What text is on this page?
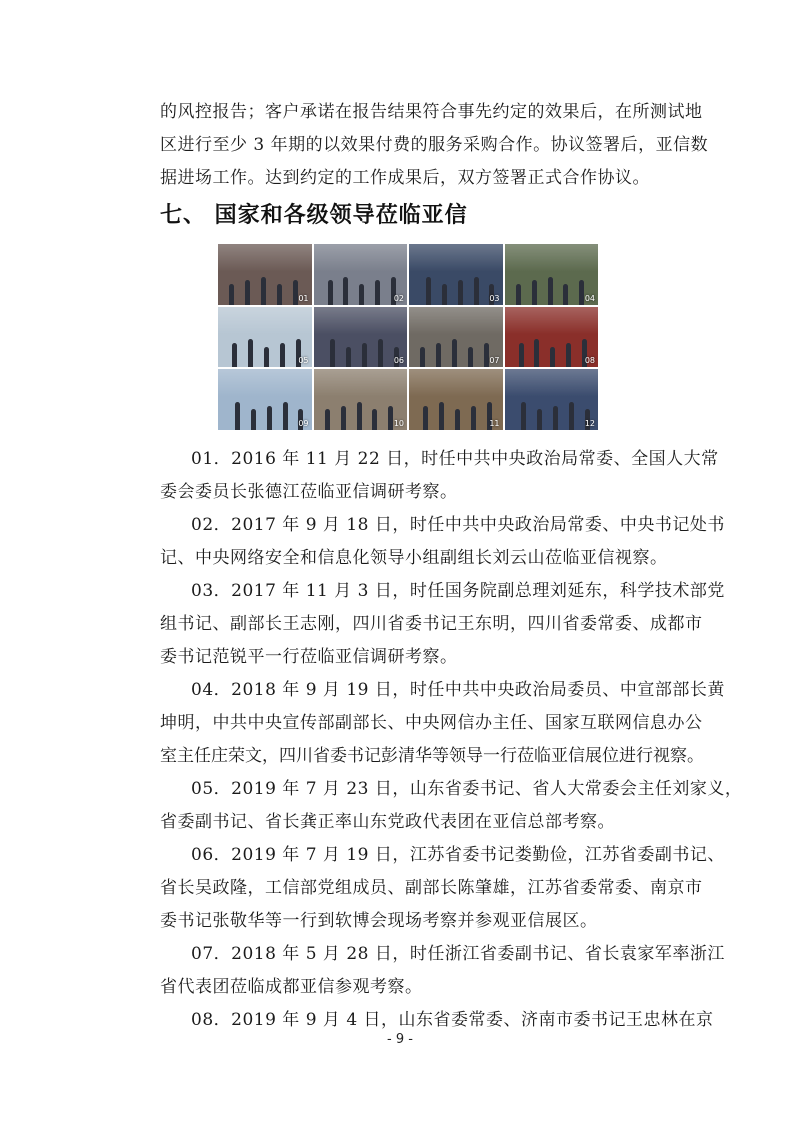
的风控报告；客户承诺在报告结果符合事先约定的效果后，在所测试地
区进行至少 3 年期的以效果付费的服务采购合作。协议签署后，亚信数
据进场工作。达到约定的工作成果后，双方签署正式合作协议。
七、 国家和各级领导莅临亚信
01	02	03	04
05	06	07	08
09	10	11	12
01．2016 年 11 月 22 日，时任中共中央政治局常委、全国人大常
委会委员长张德江莅临亚信调研考察。
02．2017 年 9 月 18 日，时任中共中央政治局常委、中央书记处书
记、中央网络安全和信息化领导小组副组长刘云山莅临亚信视察。
03．2017 年 11 月 3 日，时任国务院副总理刘延东，科学技术部党
组书记、副部长王志刚，四川省委书记王东明，四川省委常委、成都市
委书记范锐平一行莅临亚信调研考察。
04．2018 年 9 月 19 日，时任中共中央政治局委员、中宣部部长黄
坤明，中共中央宣传部副部长、中央网信办主任、国家互联网信息办公
室主任庄荣文，四川省委书记彭清华等领导一行莅临亚信展位进行视察。
05．2019 年 7 月 23 日，山东省委书记、省人大常委会主任刘家义，
省委副书记、省长龚正率山东党政代表团在亚信总部考察。
06．2019 年 7 月 19 日，江苏省委书记娄勤俭，江苏省委副书记、
省长吴政隆，工信部党组成员、副部长陈肇雄，江苏省委常委、南京市
委书记张敬华等一行到软博会现场考察并参观亚信展区。
07．2018 年 5 月 28 日，时任浙江省委副书记、省长袁家军率浙江
省代表团莅临成都亚信参观考察。
08．2019 年 9 月 4 日，山东省委常委、济南市委书记王忠林在京
- 9 -
